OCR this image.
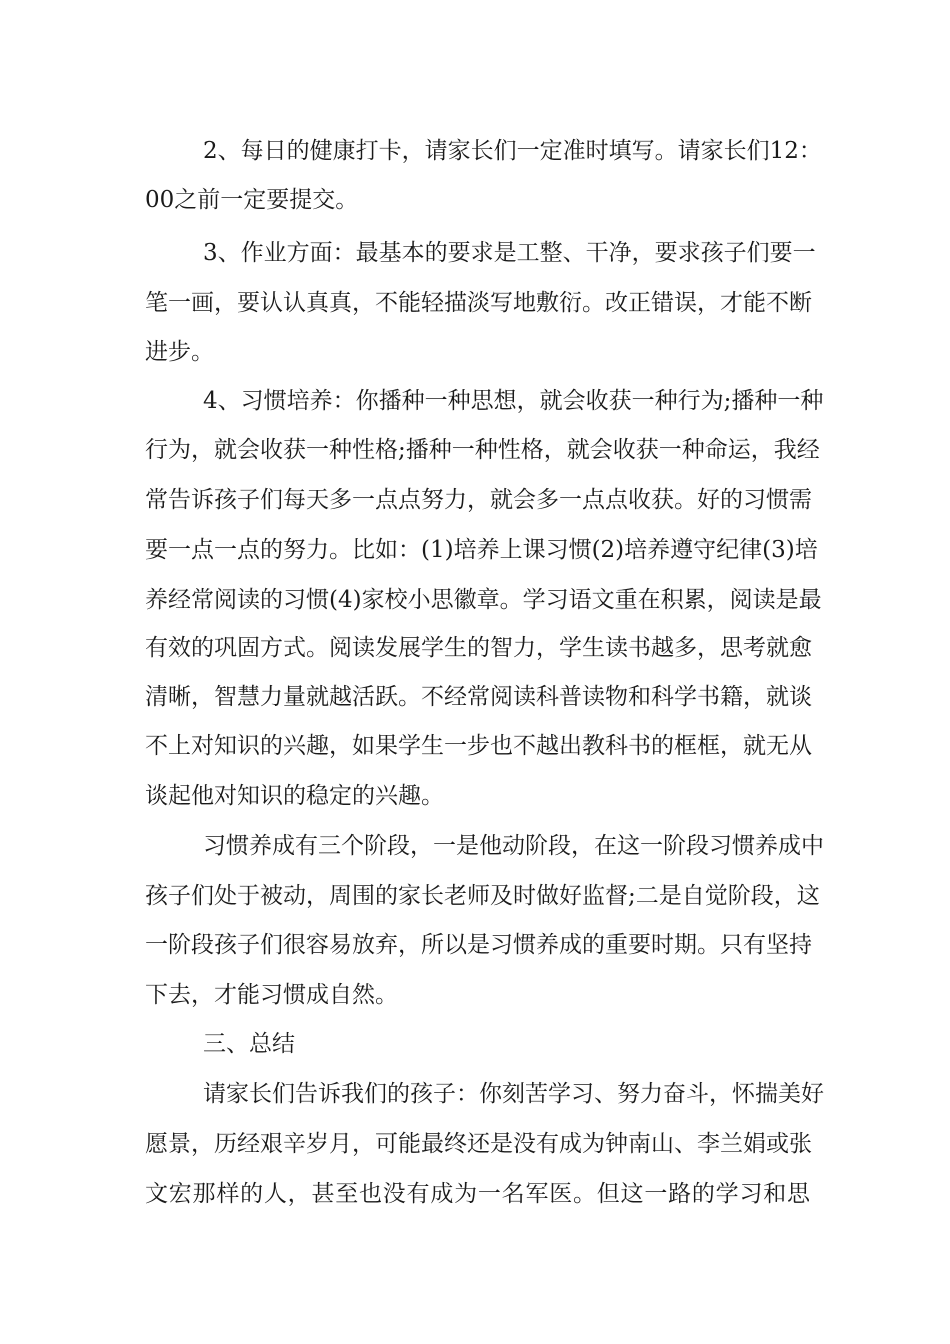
2、每日的健康打卡，请家长们一定准时填写。请家长们12：
00之前一定要提交。
3、作业方面：最基本的要求是工整、干净，要求孩子们要一
笔一画，要认认真真，不能轻描淡写地敷衍。改正错误，才能不断
进步。
4、习惯培养：你播种一种思想，就会收获一种行为;播种一种
行为，就会收获一种性格;播种一种性格，就会收获一种命运，我经
常告诉孩子们每天多一点点努力，就会多一点点收获。好的习惯需
要一点一点的努力。比如：(1)培养上课习惯(2)培养遵守纪律(3)培
养经常阅读的习惯(4)家校小思徽章。学习语文重在积累，阅读是最
有效的巩固方式。阅读发展学生的智力，学生读书越多，思考就愈
清晰，智慧力量就越活跃。不经常阅读科普读物和科学书籍，就谈
不上对知识的兴趣，如果学生一步也不越出教科书的框框，就无从
谈起他对知识的稳定的兴趣。
习惯养成有三个阶段，一是他动阶段，在这一阶段习惯养成中
孩子们处于被动，周围的家长老师及时做好监督;二是自觉阶段，这
一阶段孩子们很容易放弃，所以是习惯养成的重要时期。只有坚持
下去，才能习惯成自然。
三、总结
请家长们告诉我们的孩子：你刻苦学习、努力奋斗，怀揣美好
愿景，历经艰辛岁月，可能最终还是没有成为钟南山、李兰娟或张
文宏那样的人，甚至也没有成为一名军医。但这一路的学习和思
